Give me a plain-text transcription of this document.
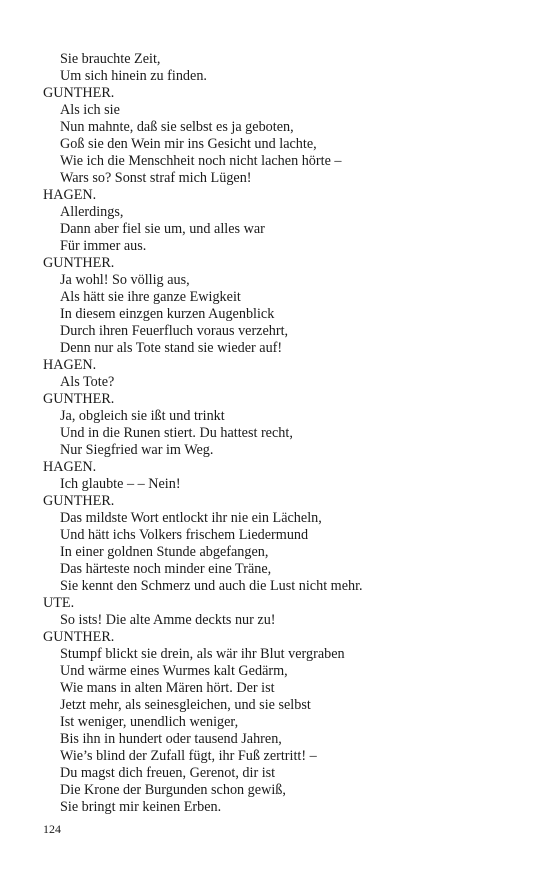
Sie brauchte Zeit,
Um sich hinein zu finden.
GUNTHER.
Als ich sie
Nun mahnte, daß sie selbst es ja geboten,
Goß sie den Wein mir ins Gesicht und lachte,
Wie ich die Menschheit noch nicht lachen hörte –
Wars so? Sonst straf mich Lügen!
HAGEN.
Allerdings,
Dann aber fiel sie um, und alles war
Für immer aus.
GUNTHER.
Ja wohl! So völlig aus,
Als hätt sie ihre ganze Ewigkeit
In diesem einzgen kurzen Augenblick
Durch ihren Feuerfluch voraus verzehrt,
Denn nur als Tote stand sie wieder auf!
HAGEN.
Als Tote?
GUNTHER.
Ja, obgleich sie ißt und trinkt
Und in die Runen stiert. Du hattest recht,
Nur Siegfried war im Weg.
HAGEN.
Ich glaubte – – Nein!
GUNTHER.
Das mildste Wort entlockt ihr nie ein Lächeln,
Und hätt ichs Volkers frischem Liedermund
In einer goldnen Stunde abgefangen,
Das härteste noch minder eine Träne,
Sie kennt den Schmerz und auch die Lust nicht mehr.
UTE.
So ists! Die alte Amme deckts nur zu!
GUNTHER.
Stumpf blickt sie drein, als wär ihr Blut vergraben
Und wärme eines Wurmes kalt Gedärm,
Wie mans in alten Mären hört. Der ist
Jetzt mehr, als seinesgleichen, und sie selbst
Ist weniger, unendlich weniger,
Bis ihn in hundert oder tausend Jahren,
Wie’s blind der Zufall fügt, ihr Fuß zertritt! –
Du magst dich freuen, Gerenot, dir ist
Die Krone der Burgunden schon gewiß,
Sie bringt mir keinen Erben.
124
